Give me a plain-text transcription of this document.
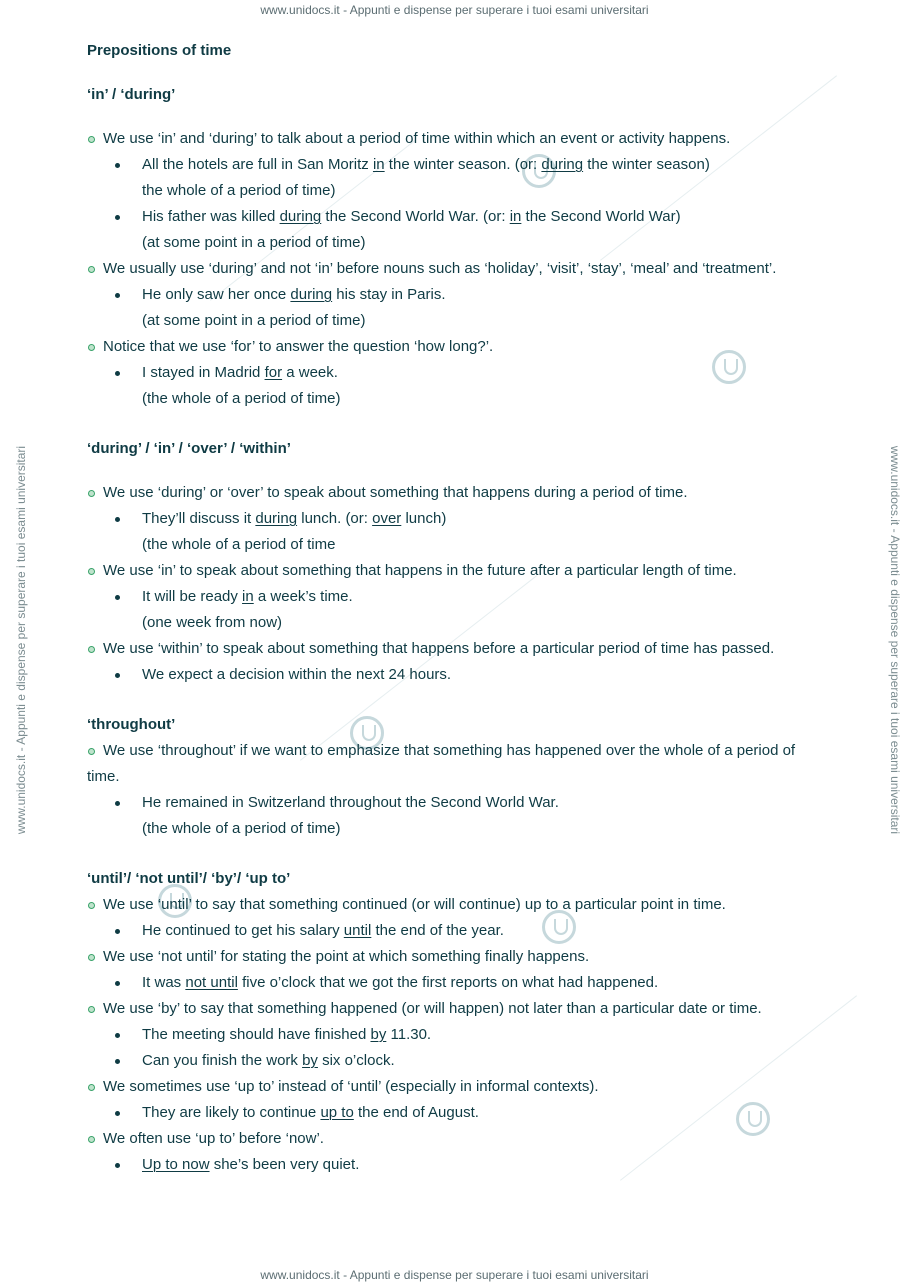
www.unidocs.it - Appunti e dispense per superare i tuoi esami universitari
www.unidocs.it - Appunti e dispense per superare i tuoi esami universitari
www.unidocs.it - Appunti e dispense per superare i tuoi esami universitari	www.unidocs.it - Appunti e dispense per superare i tuoi esami universitari
Prepositions of time
‘in’ / ‘during’
We use ‘in’ and ‘during’ to talk about a period of time within which an event or activity happens.
All the hotels are full in San Moritz in the winter season. (or: during the winter season)
the whole of a period of time)
His father was killed during the Second World War. (or: in the Second World War)
(at some point in a period of time)
We usually use ‘during’ and not ‘in’ before nouns such as ‘holiday’, ‘visit’, ‘stay’, ‘meal’ and ‘treatment’.
He only saw her once during his stay in Paris.
(at some point in a period of time)
Notice that we use ‘for’ to answer the question ‘how long?’.
I stayed in Madrid for a week.
(the whole of a period of time)
‘during’ / ‘in’ / ‘over’ / ‘within’
We use ‘during’ or ‘over’ to speak about something that happens during a period of time.
They’ll discuss it during lunch. (or: over lunch)
(the whole of a period of time
We use ‘in’ to speak about something that happens in the future after a particular length of time.
It will be ready in a week’s time.
(one week from now)
We use ‘within’ to speak about something that happens before a particular period of time has passed.
We expect a decision within the next 24 hours.
‘throughout’
We use ‘throughout’ if we want to emphasize that something has happened over the whole of a period of time.
He remained in Switzerland throughout the Second World War.
(the whole of a period of time)
‘until’/ ‘not until’/ ‘by’/ ‘up to’
We use ‘until’ to say that something continued (or will continue) up to a particular point in time.
He continued to get his salary until the end of the year.
We use ‘not until’ for stating the point at which something finally happens.
It was not until five o’clock that we got the first reports on what had happened.
We use ‘by’ to say that something happened (or will happen) not later than a particular date or time.
The meeting should have finished by 11.30.
Can you finish the work by six o’clock.
We sometimes use ‘up to’ instead of ‘until’ (especially in informal contexts).
They are likely to continue up to the end of August.
We often use ‘up to’ before ‘now’.
Up to now she’s been very quiet.
